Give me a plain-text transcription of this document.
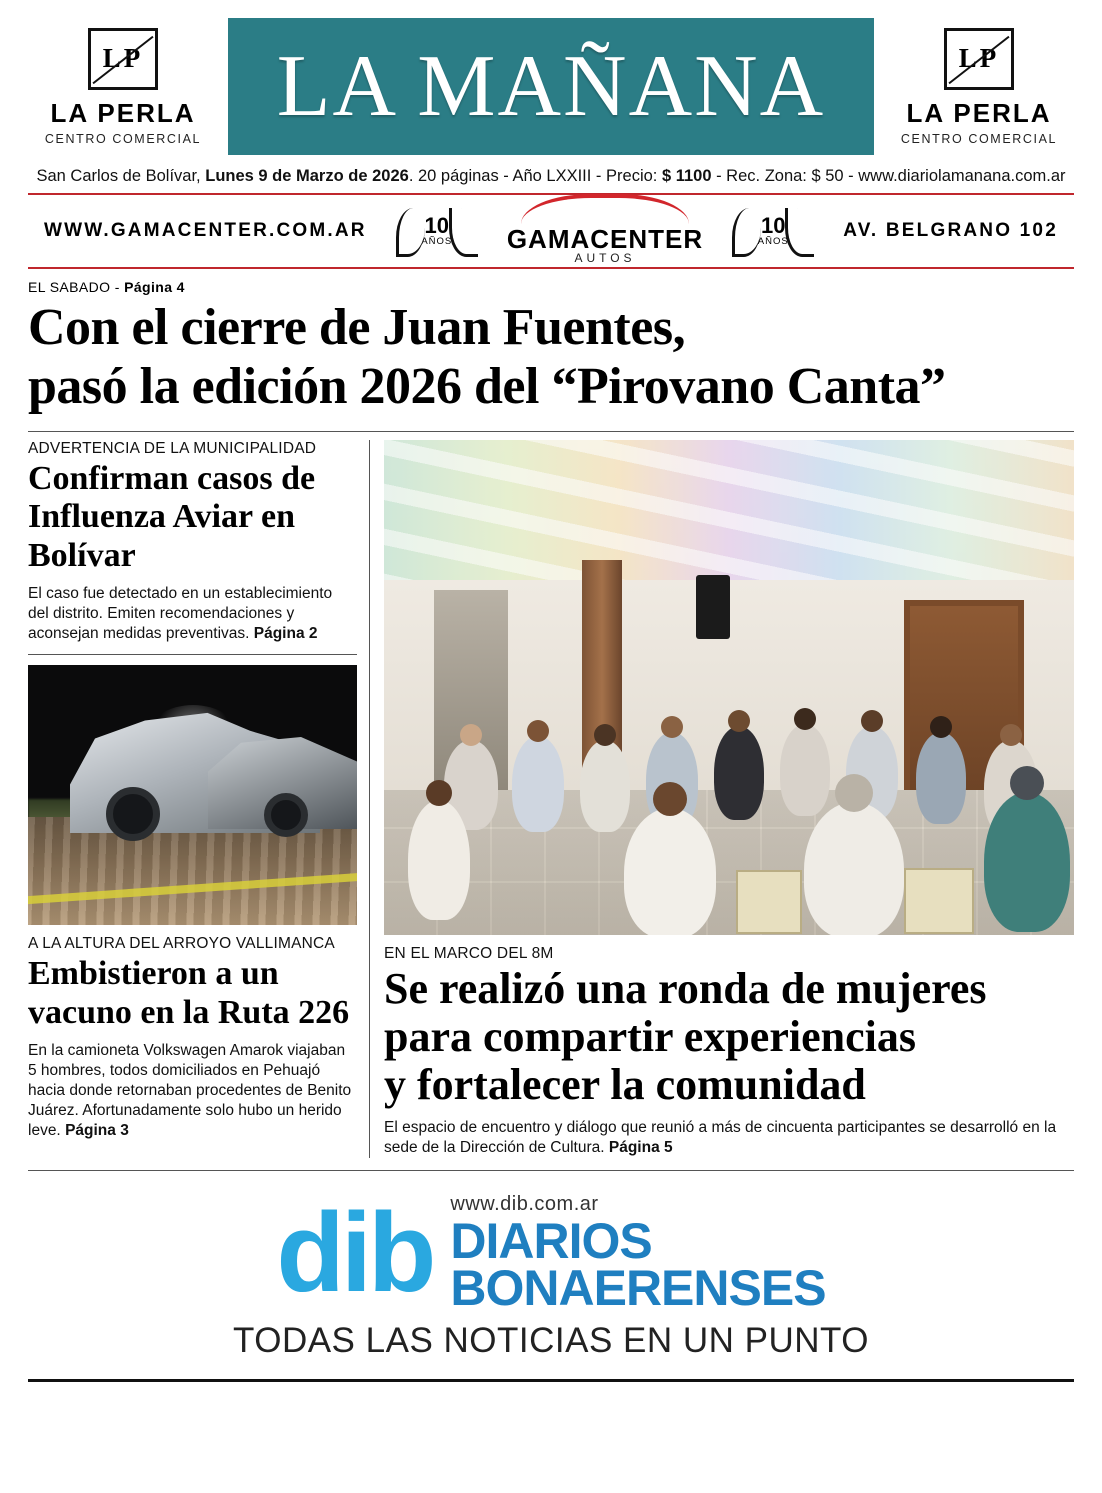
LP
LA PERLA
CENTRO COMERCIAL
LA MAÑANA	LP
LA PERLA
CENTRO COMERCIAL
San Carlos de Bolívar, Lunes 9 de Marzo de 2026. 20 páginas - Año LXXIII - Precio: $ 1100 - Rec. Zona: $ 50 - www.diariolamanana.com.ar
WWW.GAMACENTER.COM.AR	10
AÑOS GAMACENTER
AUTOS
10
AÑOS
AV. BELGRANO 102
EL SABADO - Página 4
Con el cierre de Juan Fuentes,
pasó la edición 2026 del “Pirovano Canta”
ADVERTENCIA DE LA MUNICIPALIDAD
Confirman casos de Influenza Aviar en Bolívar
El caso fue detectado en un establecimiento del distrito. Emiten recomendaciones y aconsejan medidas preventivas. Página 2
A LA ALTURA DEL ARROYO VALLIMANCA
Embistieron a un vacuno en la Ruta 226
En la camioneta Volkswagen Amarok viajaban 5 hombres, todos domiciliados en Pehuajó hacia donde retornaban procedentes de Benito Juárez. Afortunadamente solo hubo un herido leve. Página 3
EN EL MARCO DEL 8M
Se realizó una ronda de mujeres
para compartir experiencias
y fortalecer la comunidad
El espacio de encuentro y diálogo que reunió a más de cincuenta participantes se desarrolló en la sede de la Dirección de Cultura. Página 5
dib www.dib.com.ar
DIARIOS
BONAERENSES
TODAS LAS NOTICIAS EN UN PUNTO
